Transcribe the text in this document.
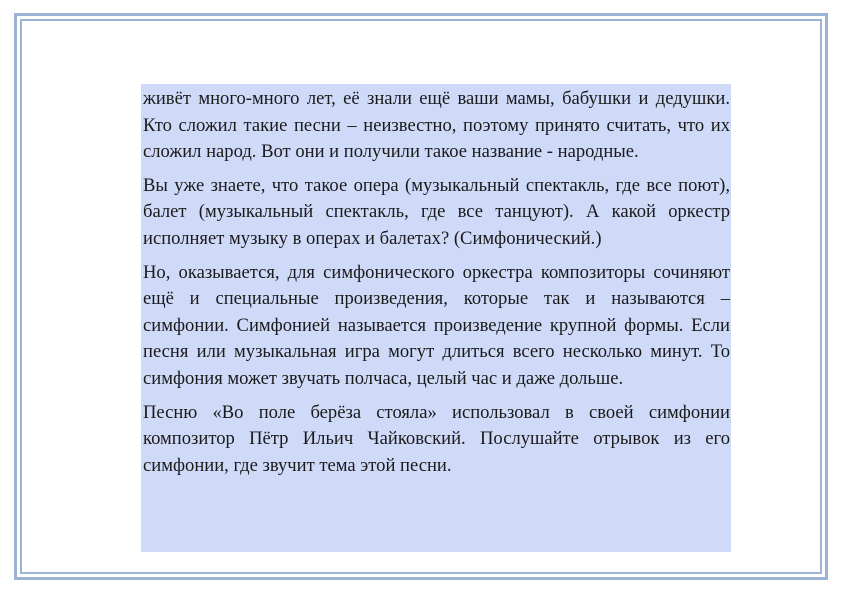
живёт много-много лет, её знали ещё ваши мамы, бабушки и дедушки. Кто сложил такие песни – неизвестно, поэтому принято считать, что их сложил народ. Вот они и получили такое название - народные.

Вы уже знаете, что такое опера (музыкальный спектакль, где все поют), балет (музыкальный спектакль, где все танцуют). А какой оркестр исполняет музыку в операх и балетах? (Симфонический.)

Но, оказывается, для симфонического оркестра композиторы сочиняют ещё и специальные произведения, которые так и называются – симфонии. Симфонией называется произведение крупной формы. Если песня или музыкальная игра могут длиться всего несколько минут. То симфония может звучать полчаса, целый час и даже дольше.

Песню «Во поле берёза стояла» использовал в своей симфонии композитор Пётр Ильич Чайковский. Послушайте отрывок из его симфонии, где звучит тема этой песни.
